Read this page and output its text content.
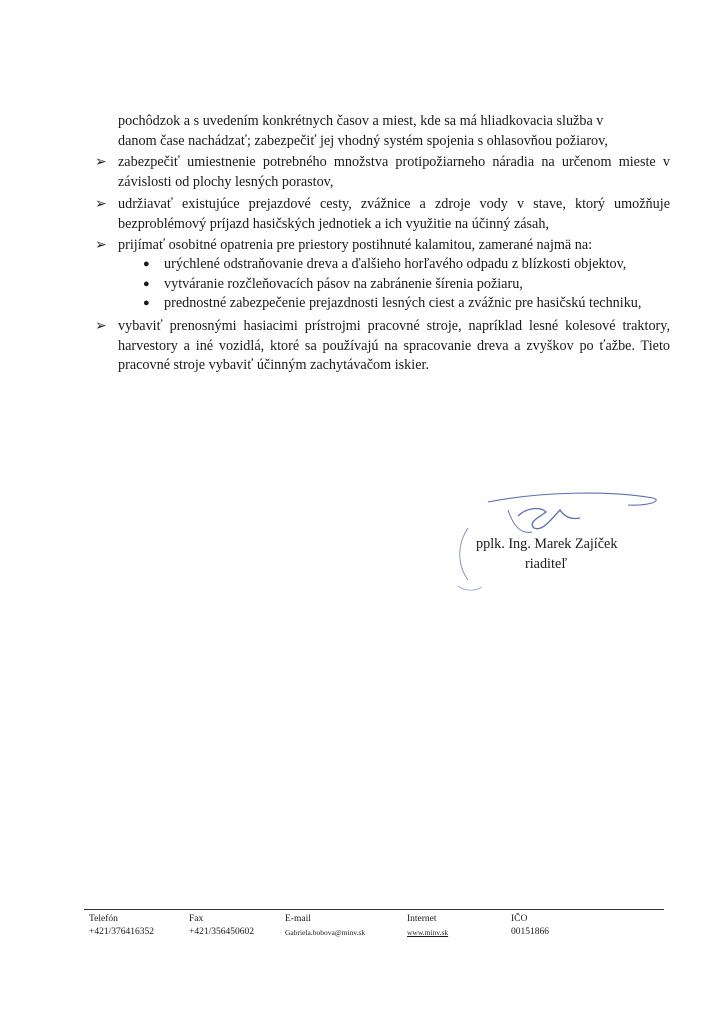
pochôdzok a s uvedením konkrétnych časov a miest, kde sa má hliadkovacia služba v
danom čase nachádzať; zabezpečiť jej vhodný systém spojenia s ohlasovňou požiarov,
➢ zabezpečiť umiestnenie potrebného množstva protipožiarneho náradia na určenom mieste v závislosti od plochy lesných porastov,
➢ udržiavať existujúce prejazdové cesty, zvážnice a zdroje vody v stave, ktorý umožňuje bezproblémový príjazd hasičských jednotiek a ich využitie na účinný zásah,
➢ prijímať osobitné opatrenia pre priestory postihnuté kalamitou, zamerané najmä na:
● urýchlené odstraňovanie dreva a ďalšieho horľavého odpadu z blízkosti objektov,
● vytváranie rozčleňovacích pásov na zabránenie šírenia požiaru,
● prednostné zabezpečenie prejazdnosti lesných ciest a zvážnic pre hasičskú techniku,
➢ vybaviť prenosnými hasiacimi prístrojmi pracovné stroje, napríklad lesné kolesové traktory, harvestory a iné vozidlá, ktoré sa používajú na spracovanie dreva a zvyškov po ťažbe. Tieto pracovné stroje vybaviť účinným zachytávačom iskier.
pplk. Ing. Marek Zajíček
riaditeľ
Telefón
+421/376416352
Fax
+421/356450602
E-mail
Gabriela.bobova@minv.sk
Internet
www.minv.sk
IČO
00151866
